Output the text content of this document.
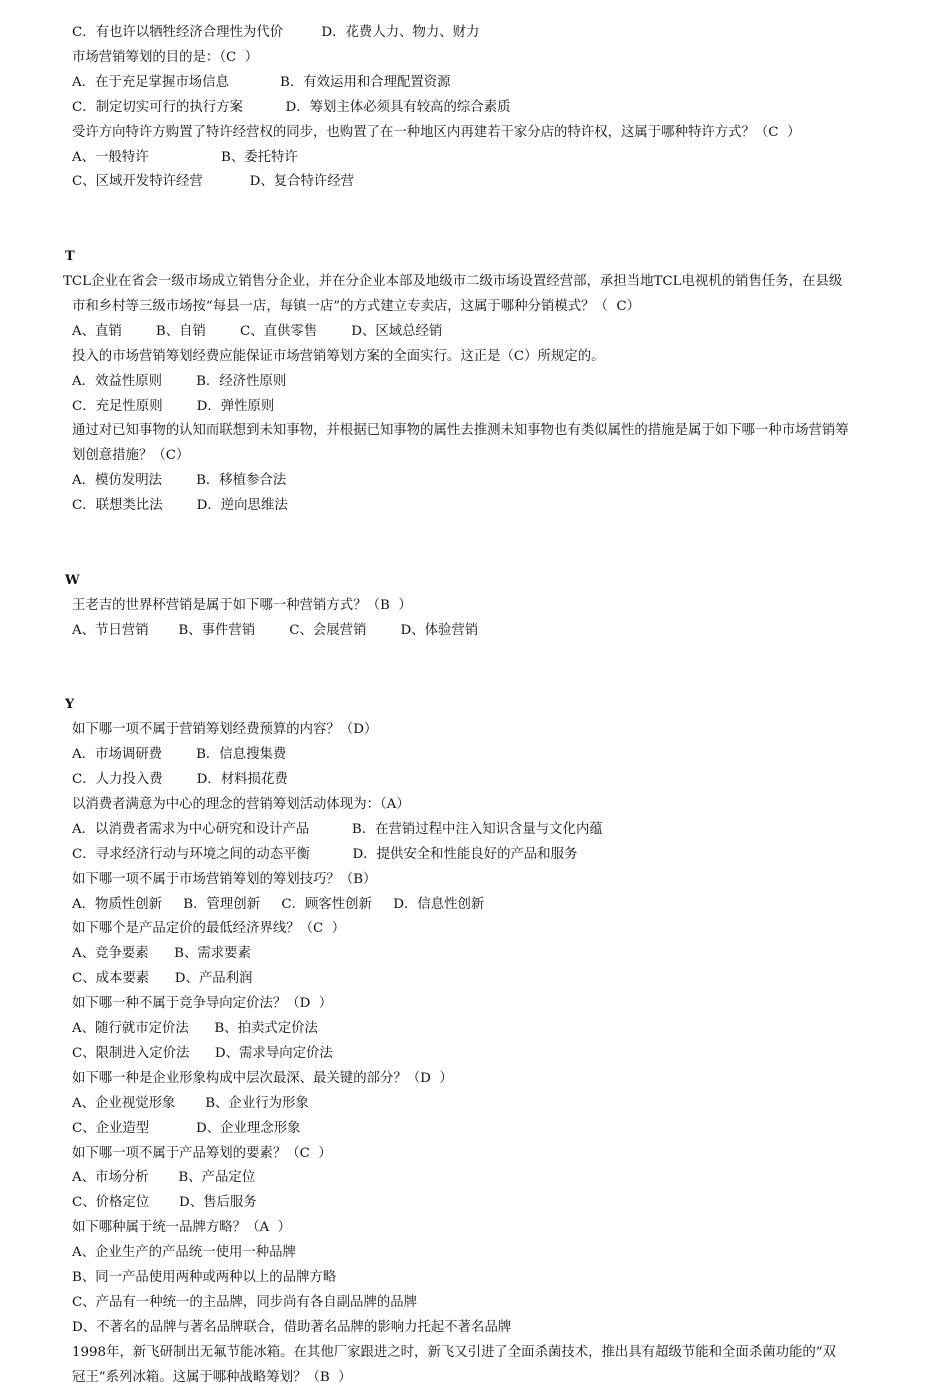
C．有也许以牺牲经济合理性为代价         D．花费人力、物力、财力
市场营销筹划的目的是：（C  ）
A．在于充足掌握市场信息            B．有效运用和合理配置资源
C．制定切实可行的执行方案          D．筹划主体必须具有较高的综合素质
受许方向特许方购置了特许经营权的同步，也购置了在一种地区内再建若干家分店的特许权，这属于哪种特许方式？（C  ）
A、一般特许                 B、委托特许
C、区域开发特许经营           D、复合特许经营
T
TCL企业在省会一级市场成立销售分企业，并在分企业本部及地级市二级市场设置经营部，承担当地TCL电视机的销售任务，在县级
市和乡村等三级市场按“每县一店，每镇一店”的方式建立专卖店，这属于哪种分销模式？（  C）
A、直销        B、自销        C、直供零售        D、区域总经销
投入的市场营销筹划经费应能保证市场营销筹划方案的全面实行。这正是（C）所规定的。
A．效益性原则        B．经济性原则
C．充足性原则        D．弹性原则
通过对已知事物的认知而联想到未知事物，并根据已知事物的属性去推测未知事物也有类似属性的措施是属于如下哪一种市场营销筹
划创意措施？（C）
A．模仿发明法        B．移植参合法
C．联想类比法        D．逆向思维法
W
王老吉的世界杯营销是属于如下哪一种营销方式？（B  ）
A、节日营销       B、事件营销        C、会展营销        D、体验营销
Y
如下哪一项不属于营销筹划经费预算的内容？（D）
A．市场调研费        B．信息搜集费
C．人力投入费        D．材料损花费
以消费者满意为中心的理念的营销筹划活动体现为：（A）
A．以消费者需求为中心研究和设计产品          B．在营销过程中注入知识含量与文化内蕴
C．寻求经济行动与环境之间的动态平衡          D．提供安全和性能良好的产品和服务
如下哪一项不属于市场营销筹划的筹划技巧？（B）
A．物质性创新     B．管理创新     C．顾客性创新     D．信息性创新
如下哪个是产品定价的最低经济界线？（C  ）
A、竞争要素      B、需求要素
C、成本要素      D、产品利润
如下哪一种不属于竞争导向定价法？（D  ）
A、随行就市定价法      B、拍卖式定价法
C、限制进入定价法      D、需求导向定价法
如下哪一种是企业形象构成中层次最深、最关键的部分？（D  ）
A、企业视觉形象       B、企业行为形象
C、企业造型           D、企业理念形象
如下哪一项不属于产品筹划的要素？（C  ）
A、市场分析       B、产品定位
C、价格定位       D、售后服务
如下哪种属于统一品牌方略？（A  ）
A、企业生产的产品统一使用一种品牌
B、同一产品使用两种或两种以上的品牌方略
C、产品有一种统一的主品牌，同步尚有各自副品牌的品牌
D、不著名的品牌与著名品牌联合，借助著名品牌的影响力托起不著名品牌
1998年，新飞研制出无氟节能冰箱。在其他厂家跟进之时，新飞又引进了全面杀菌技术，推出具有超级节能和全面杀菌功能的“双
冠王”系列冰箱。这属于哪种战略筹划？（B  ）
